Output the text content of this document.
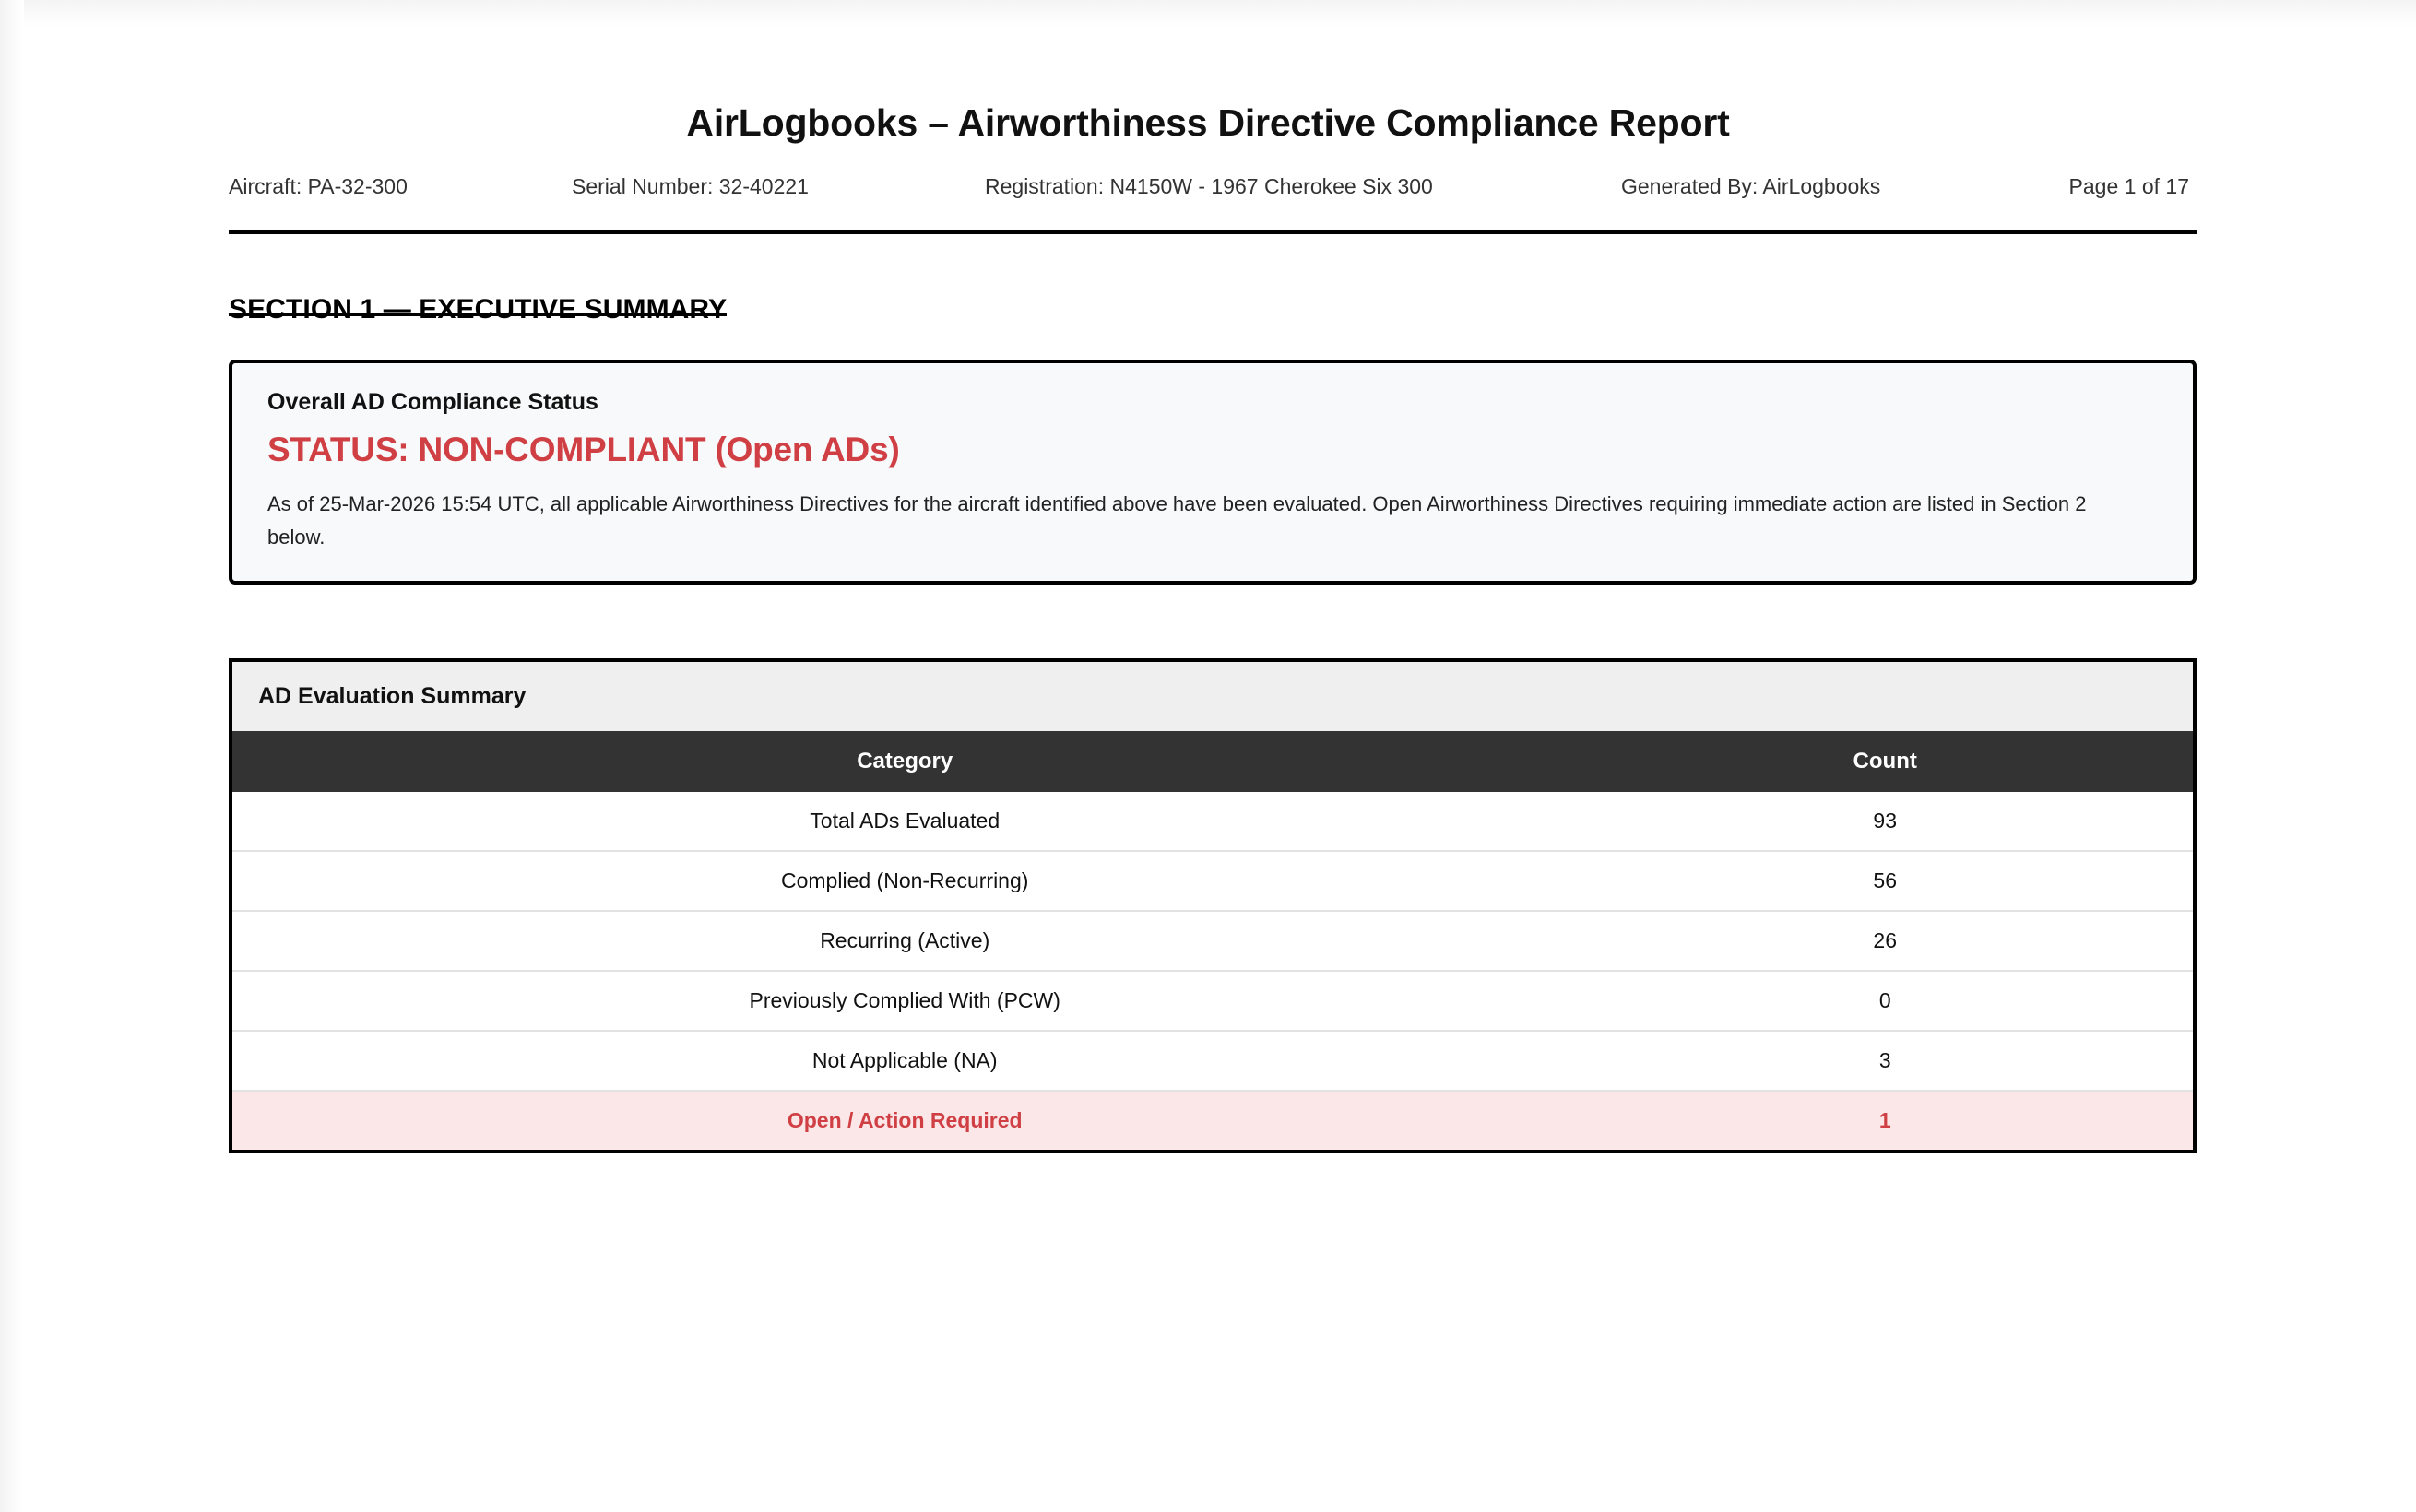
AirLogbooks – Airworthiness Directive Compliance Report
Aircraft: PA-32-300	Serial Number: 32-40221	Registration: N4150W - 1967 Cherokee Six 300	Generated By: AirLogbooks	Page 1 of 17
SECTION 1 — EXECUTIVE SUMMARY
Overall AD Compliance Status
STATUS: NON-COMPLIANT (Open ADs)
As of 25-Mar-2026 15:54 UTC, all applicable Airworthiness Directives for the aircraft identified above have been evaluated. Open Airworthiness Directives requiring immediate action are listed in Section 2 below.
AD Evaluation Summary
Category	Count
Total ADs Evaluated	93
Complied (Non-Recurring)	56
Recurring (Active)	26
Previously Complied With (PCW)	0
Not Applicable (NA)	3
Open / Action Required	1
